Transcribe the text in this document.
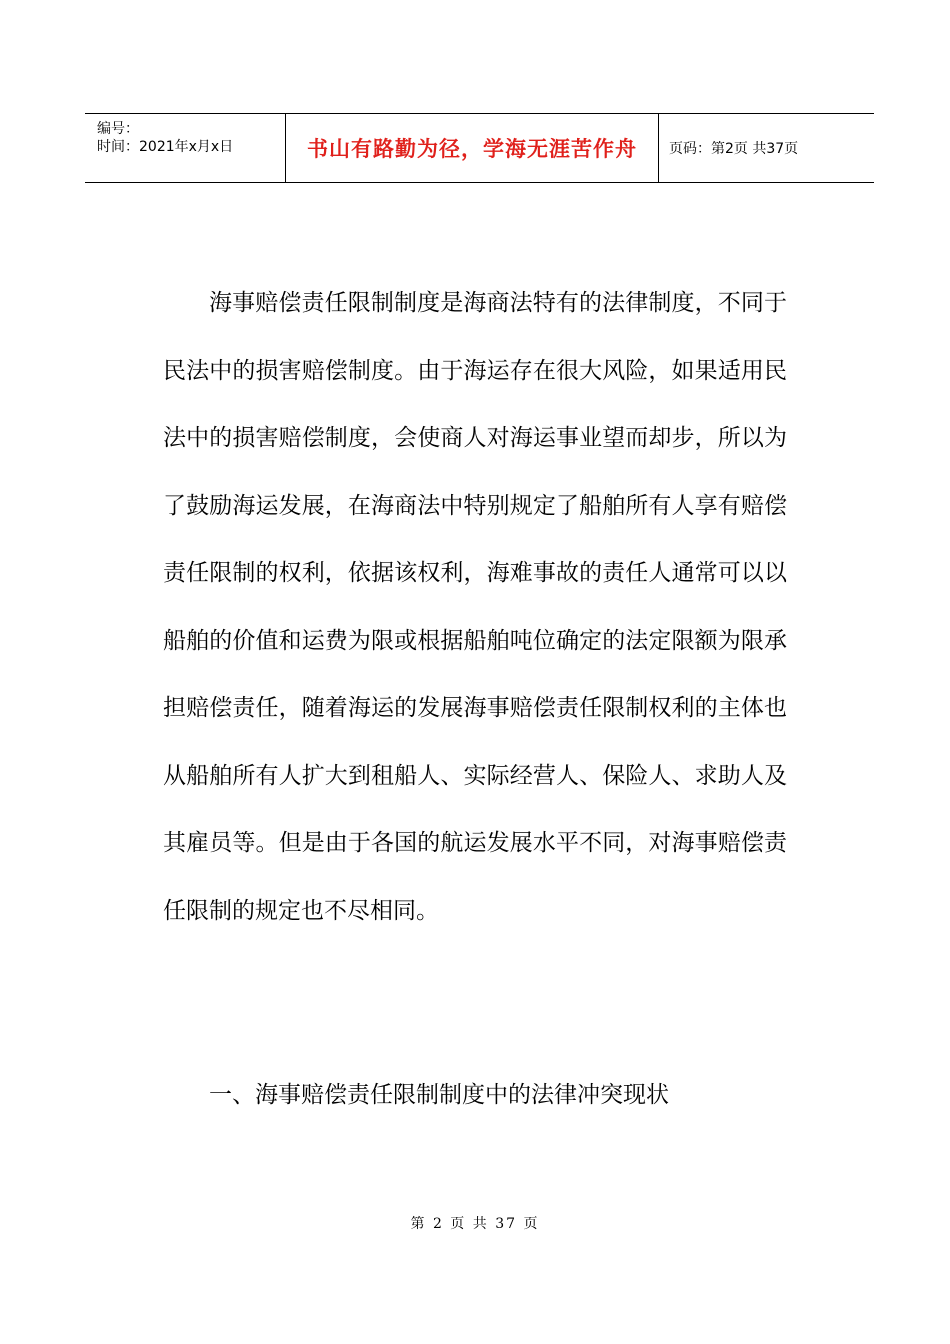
编号：
时间：2021年x月x日	书山有路勤为径，学海无涯苦作舟 页码：第2页 共37页

海事赔偿责任限制制度是海商法特有的法律制度，不同于民法中的损害赔偿制度。由于海运存在很大风险，如果适用民法中的损害赔偿制度，会使商人对海运事业望而却步，所以为了鼓励海运发展，在海商法中特别规定了船舶所有人享有赔偿责任限制的权利，依据该权利，海难事故的责任人通常可以以船舶的价值和运费为限或根据船舶吨位确定的法定限额为限承担赔偿责任，随着海运的发展海事赔偿责任限制权利的主体也从船舶所有人扩大到租船人、实际经营人、保险人、求助人及其雇员等。但是由于各国的航运发展水平不同，对海事赔偿责任限制的规定也不尽相同。

一、海事赔偿责任限制制度中的法律冲突现状

第 2 页 共 37 页
